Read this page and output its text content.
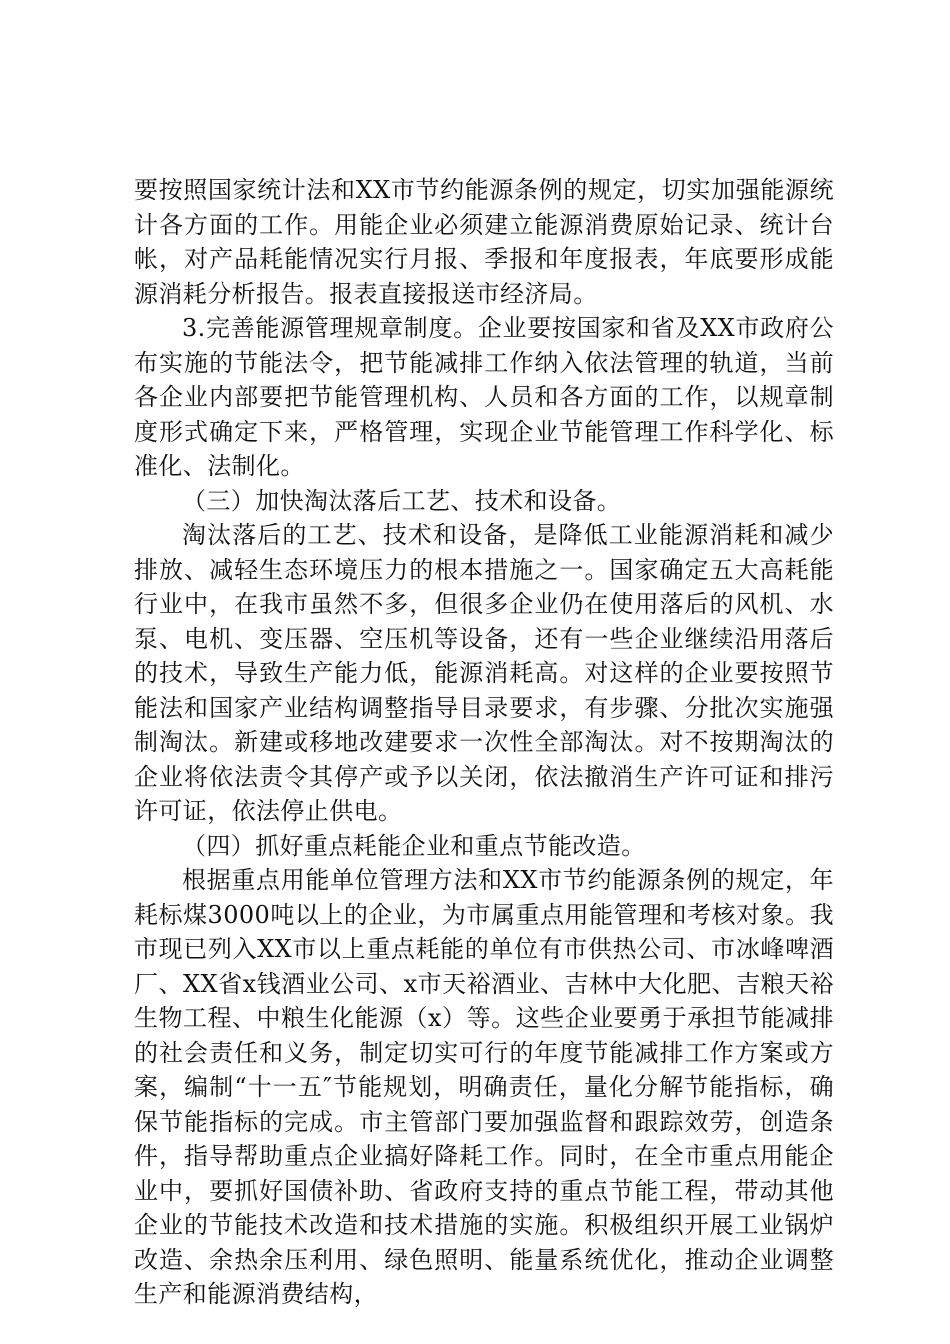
要按照国家统计法和XX市节约能源条例的规定，切实加强能源统计各方面的工作。用能企业必须建立能源消费原始记录、统计台帐，对产品耗能情况实行月报、季报和年度报表，年底要形成能源消耗分析报告。报表直接报送市经济局。

3.完善能源管理规章制度。企业要按国家和省及XX市政府公布实施的节能法令，把节能减排工作纳入依法管理的轨道，当前各企业内部要把节能管理机构、人员和各方面的工作，以规章制度形式确定下来，严格管理，实现企业节能管理工作科学化、标准化、法制化。

（三）加快淘汰落后工艺、技术和设备。

淘汰落后的工艺、技术和设备，是降低工业能源消耗和减少排放、减轻生态环境压力的根本措施之一。国家确定五大高耗能行业中，在我市虽然不多，但很多企业仍在使用落后的风机、水泵、电机、变压器、空压机等设备，还有一些企业继续沿用落后的技术，导致生产能力低，能源消耗高。对这样的企业要按照节能法和国家产业结构调整指导目录要求，有步骤、分批次实施强制淘汰。新建或移地改建要求一次性全部淘汰。对不按期淘汰的企业将依法责令其停产或予以关闭，依法撤消生产许可证和排污许可证，依法停止供电。

（四）抓好重点耗能企业和重点节能改造。

根据重点用能单位管理方法和XX市节约能源条例的规定，年耗标煤3000吨以上的企业，为市属重点用能管理和考核对象。我市现已列入XX市以上重点耗能的单位有市供热公司、市冰峰啤酒厂、XX省x钱酒业公司、x市天裕酒业、吉林中大化肥、吉粮天裕生物工程、中粮生化能源（x）等。这些企业要勇于承担节能减排的社会责任和义务，制定切实可行的年度节能减排工作方案或方案，编制“十一五″节能规划，明确责任，量化分解节能指标，确保节能指标的完成。市主管部门要加强监督和跟踪效劳，创造条件，指导帮助重点企业搞好降耗工作。同时，在全市重点用能企业中，要抓好国债补助、省政府支持的重点节能工程，带动其他企业的节能技术改造和技术措施的实施。积极组织开展工业锅炉改造、余热余压利用、绿色照明、能量系统优化，推动企业调整生产和能源消费结构，
